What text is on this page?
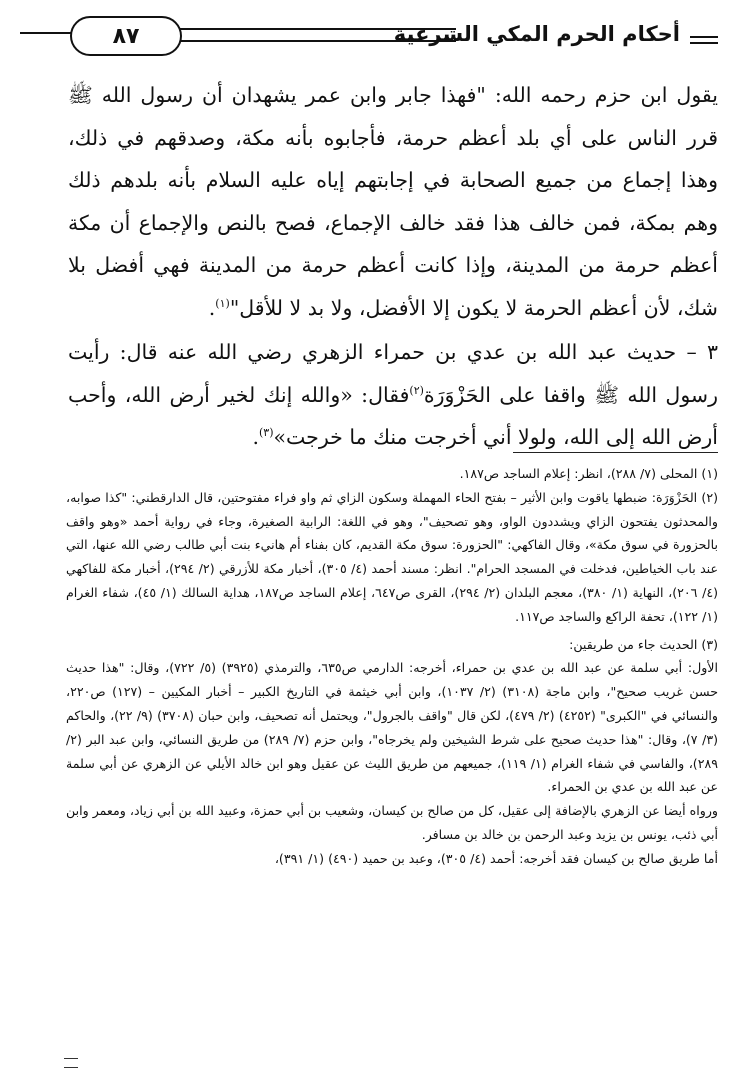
أحكام الحرم المكي الشرعية
٨٧

يقول ابن حزم رحمه الله: "فهذا جابر وابن عمر يشهدان أن رسول الله ﷺ قرر الناس على أي بلد أعظم حرمة، فأجابوه بأنه مكة، وصدقهم في ذلك، وهذا إجماع من جميع الصحابة في إجابتهم إياه عليه السلام بأنه بلدهم ذلك وهم بمكة، فمن خالف هذا فقد خالف الإجماع، فصح بالنص والإجماع أن مكة أعظم حرمة من المدينة، وإذا كانت أعظم حرمة من المدينة فهي أفضل بلا شك، لأن أعظم الحرمة لا يكون إلا الأفضل، ولا بد لا للأقل"$^{(١)}$.

٣ – حديث عبد الله بن عدي بن حمراء الزهري رضي الله عنه قال: رأيت رسول الله ﷺ واقفا على الحَزْوَرَة$^{(٢)}$فقال: «والله إنك لخير أرض الله، وأحب أرض الله إلى الله، ولولا أني أخرجت منك ما خرجت»$^{(٣)}$.

(١) المحلى (٧/ ٢٨٨)، انظر: إعلام الساجد ص١٨٧.

(٢) الحَزْوَرَة: ضبطها ياقوت وابن الأثير – بفتح الحاء المهملة وسكون الزاي ثم واو فراء مفتوحتين، قال الدارقطني: "كذا صوابه، والمحدثون يفتحون الزاي ويشددون الواو، وهو تصحيف"، وهو في اللغة: الرابية الصغيرة، وجاء في رواية أحمد «وهو واقف بالحزورة في سوق مكة»، وقال الفاكهي: "الحزورة: سوق مكة القديم، كان بفناء أم هانيء بنت أبي طالب رضي الله عنها، التي عند باب الخياطين، فدخلت في المسجد الحرام". انظر: مسند أحمد (٤/ ٣٠٥)، أخبار مكة للأزرقي (٢/ ٢٩٤)، أخبار مكة للفاكهي (٤/ ٢٠٦)، النهاية (١/ ٣٨٠)، معجم البلدان (٢/ ٢٩٤)، القرى ص٦٤٧، إعلام الساجد ص١٨٧، هداية السالك (١/ ٤٥)، شفاء الغرام (١/ ١٢٢)، تحفة الراكع والساجد ص١١٧.

(٣) الحديث جاء من طريقين:

الأول: أبي سلمة عن عبد الله بن عدي بن حمراء، أخرجه: الدارمي ص٦٣٥، والترمذي (٣٩٢٥) (٥/ ٧٢٢)، وقال: "هذا حديث حسن غريب صحيح"، وابن ماجة (٣١٠٨) (٢/ ١٠٣٧)، وابن أبي خيثمة في التاريخ الكبير – أخبار المكيين – (١٢٧) ص٢٢٠، والنسائي في "الكبرى" (٤٢٥٢) (٢/ ٤٧٩)، لكن قال "واقف بالجرول"، ويحتمل أنه تصحيف، وابن حبان (٣٧٠٨) (٩/ ٢٢)، والحاكم (٣/ ٧)، وقال: "هذا حديث صحيح على شرط الشيخين ولم يخرجاه"، وابن حزم (٧/ ٢٨٩) من طريق النسائي، وابن عبد البر (٢/ ٢٨٩)، والفاسي في شفاء الغرام (١/ ١١٩)، جميعهم من طريق الليث عن عقيل وهو ابن خالد الأيلي عن الزهري عن أبي سلمة عن عبد الله بن عدي بن الحمراء.

ورواه أيضا عن الزهري بالإضافة إلى عقيل، كل من صالح بن كيسان، وشعيب بن أبي حمزة، وعبيد الله بن أبي زياد، ومعمر وابن أبي ذئب، يونس بن يزيد وعبد الرحمن بن خالد بن مسافر.

أما طريق صالح بن كيسان فقد أخرجه: أحمد (٤/ ٣٠٥)، وعبد بن حميد (٤٩٠) (١/ ٣٩١)،
